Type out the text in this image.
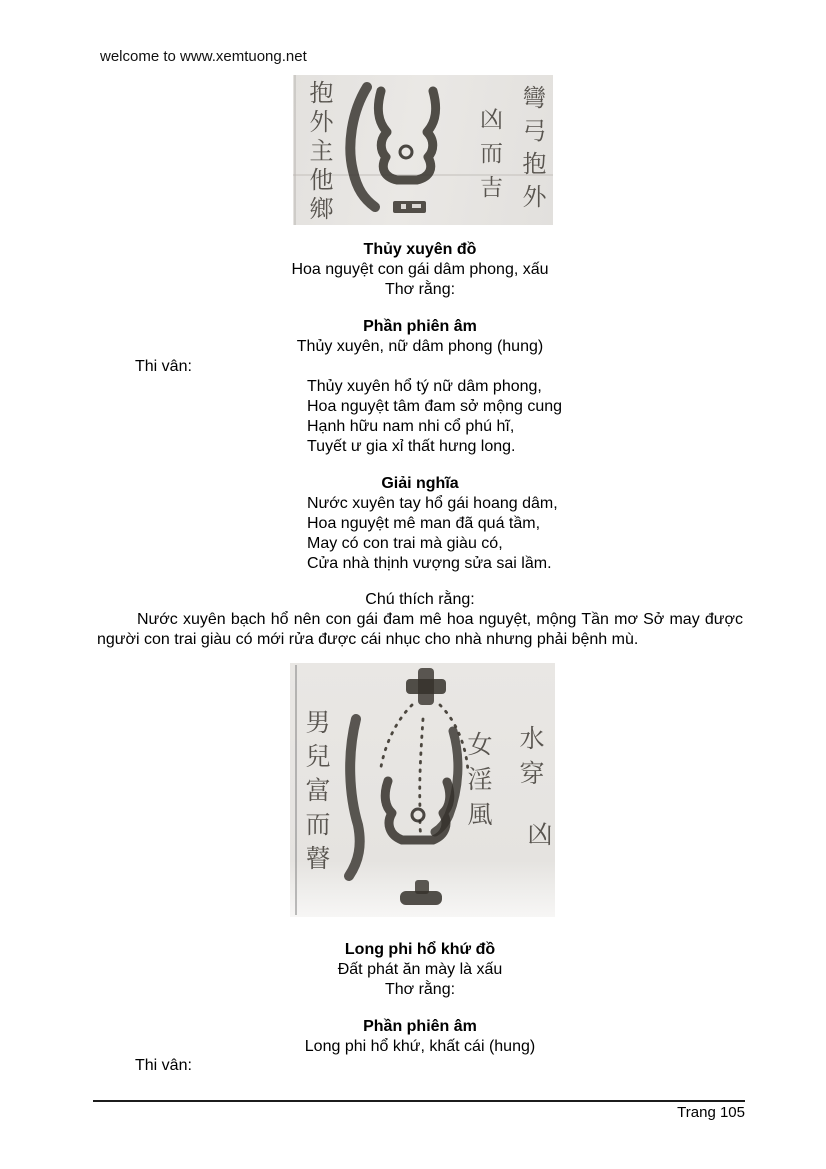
welcome to www.xemtuong.net
抱外主他鄉	凶而吉 彎弓抱外
Thủy xuyên đồ
Hoa nguyệt con gái dâm phong, xấu
Thơ rằng:
Phần phiên âm
Thủy xuyên, nữ dâm phong (hung)
Thi vân:
Thủy xuyên hổ tý nữ dâm phong,
Hoa nguyệt tâm đam sở mộng cung
Hạnh hữu nam nhi cổ phú hĩ,
Tuyết ư gia xỉ thất hưng long.
Giải nghĩa
Nước xuyên tay hổ gái hoang dâm,
Hoa nguyệt mê man đã quá tầm,
May có con trai mà giàu có,
Cửa nhà thịnh vượng sửa sai lầm.
Chú thích rằng:
Nước xuyên bạch hổ nên con gái đam mê hoa nguyệt, mộng Tần mơ Sở may được người con trai giàu có mới rửa được cái nhục cho nhà nhưng phải bệnh mù.
男兒富而瞽	女淫風 水穿
凶
Long phi hổ khứ đồ
Đất phát ăn mày là xấu
Thơ rằng:
Phần phiên âm
Long phi hổ khứ, khất cái (hung)
Thi vân:
Trang 105
